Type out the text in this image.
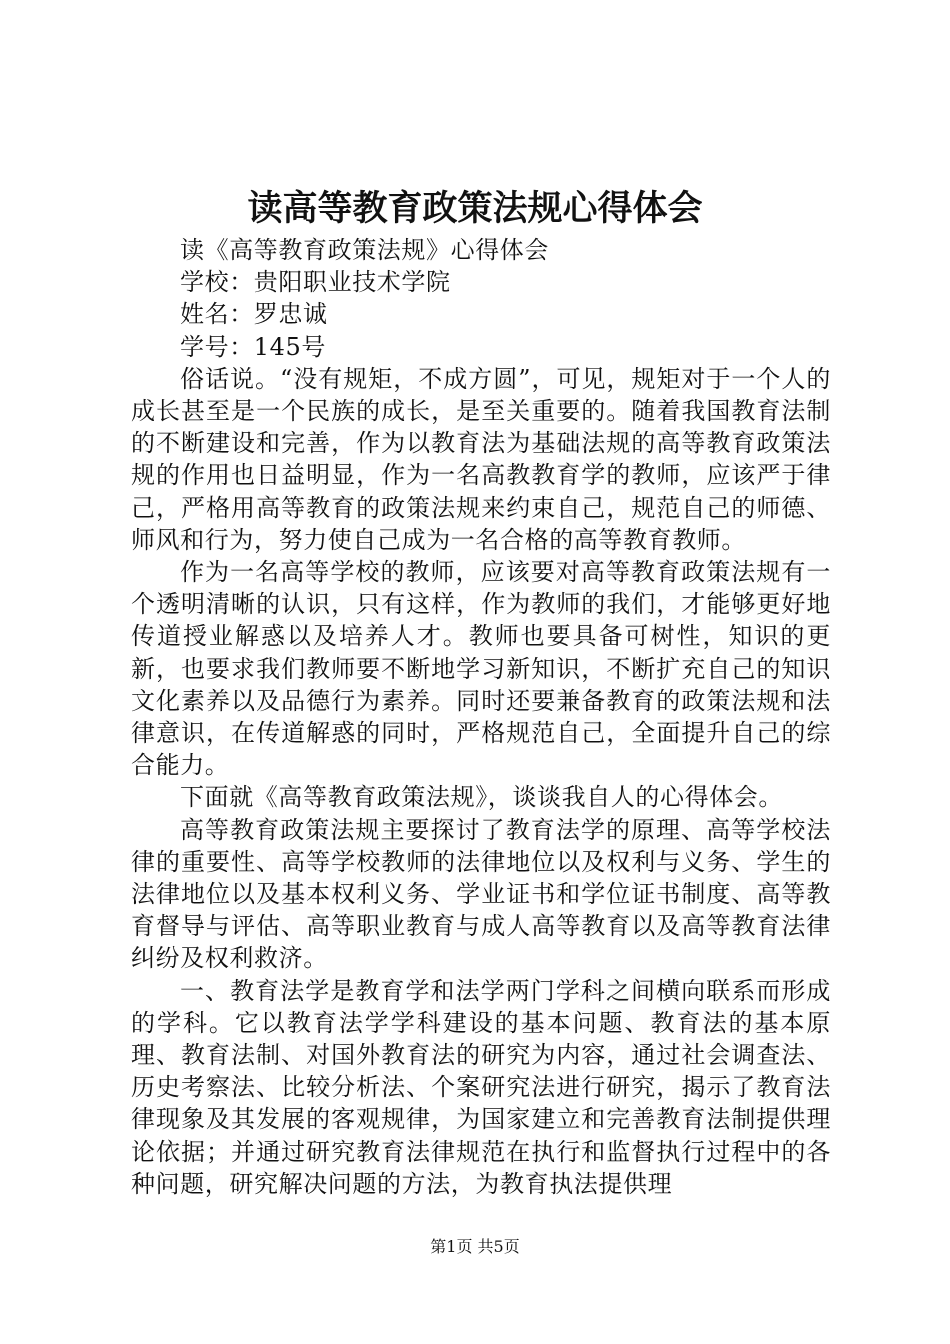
读高等教育政策法规心得体会

读《高等教育政策法规》心得体会

学校：贵阳职业技术学院

姓名：罗忠诚

学号：145号

俗话说。“没有规矩，不成方圆”，可见，规矩对于一个人的成长甚至是一个民族的成长，是至关重要的。随着我国教育法制的不断建设和完善，作为以教育法为基础法规的高等教育政策法规的作用也日益明显，作为一名高教教育学的教师，应该严于律己，严格用高等教育的政策法规来约束自己，规范自己的师德、师风和行为，努力使自己成为一名合格的高等教育教师。

作为一名高等学校的教师，应该要对高等教育政策法规有一个透明清晰的认识，只有这样，作为教师的我们，才能够更好地传道授业解惑以及培养人才。教师也要具备可树性，知识的更新，也要求我们教师要不断地学习新知识，不断扩充自己的知识文化素养以及品德行为素养。同时还要兼备教育的政策法规和法律意识，在传道解惑的同时，严格规范自己，全面提升自己的综合能力。

下面就《高等教育政策法规》，谈谈我自人的心得体会。

高等教育政策法规主要探讨了教育法学的原理、高等学校法律的重要性、高等学校教师的法律地位以及权利与义务、学生的法律地位以及基本权利义务、学业证书和学位证书制度、高等教育督导与评估、高等职业教育与成人高等教育以及高等教育法律纠纷及权利救济。

一、教育法学是教育学和法学两门学科之间横向联系而形成的学科。它以教育法学学科建设的基本问题、教育法的基本原理、教育法制、对国外教育法的研究为内容，通过社会调查法、历史考察法、比较分析法、个案研究法进行研究，揭示了教育法律现象及其发展的客观规律，为国家建立和完善教育法制提供理论依据；并通过研究教育法律规范在执行和监督执行过程中的各种问题，研究解决问题的方法，为教育执法提供理

第1页 共5页
